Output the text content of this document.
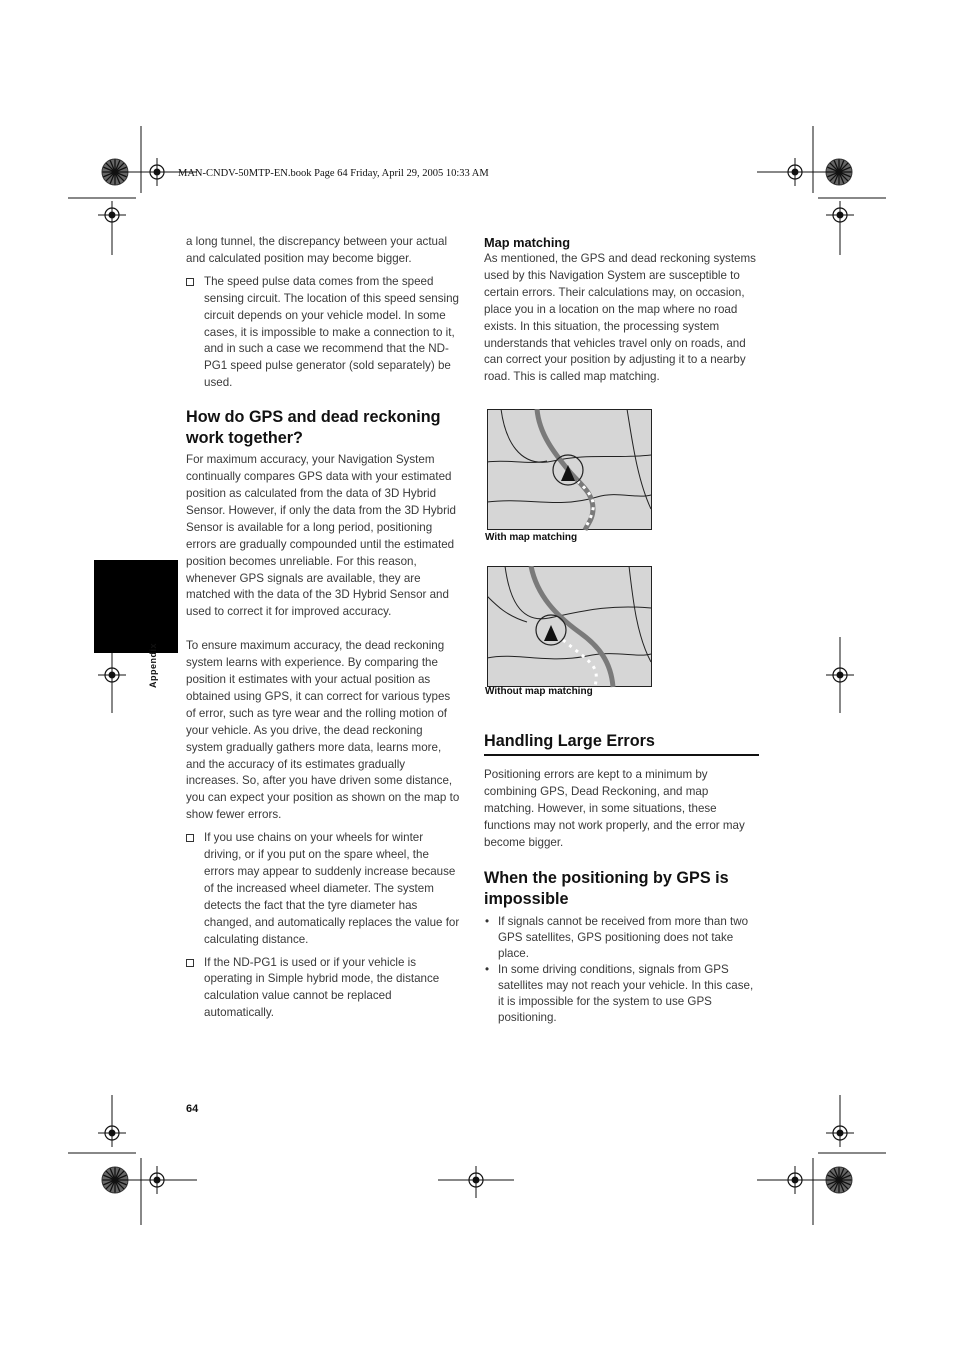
MAN-CNDV-50MTP-EN.book Page 64 Friday, April 29, 2005 10:33 AM
Appendix

a long tunnel, the discrepancy between your actual and calculated position may become bigger.

The speed pulse data comes from the speed sensing circuit. The location of this speed sensing circuit depends on your vehicle model. In some cases, it is impossible to make a connection to it, and in such a case we recommend that the ND-PG1 speed pulse generator (sold separately) be used.

How do GPS and dead reckoning work together?

For maximum accuracy, your Navigation System continually compares GPS data with your estimated position as calculated from the data of 3D Hybrid Sensor. However, if only the data from the 3D Hybrid Sensor is available for a long period, positioning errors are gradually compounded until the estimated position becomes unreliable. For this reason, whenever GPS signals are available, they are matched with the data of the 3D Hybrid Sensor and used to correct it for improved accuracy.

To ensure maximum accuracy, the dead reckoning system learns with experience. By comparing the position it estimates with your actual position as obtained using GPS, it can correct for various types of error, such as tyre wear and the rolling motion of your vehicle. As you drive, the dead reckoning system gradually gathers more data, learns more, and the accuracy of its estimates gradually increases. So, after you have driven some distance, you can expect your position as shown on the map to show fewer errors.

If you use chains on your wheels for winter driving, or if you put on the spare wheel, the errors may appear to suddenly increase because of the increased wheel diameter. The system detects the fact that the tyre diameter has changed, and automatically replaces the value for calculating distance.

If the ND-PG1 is used or if your vehicle is operating in Simple hybrid mode, the distance calculation value cannot be replaced automatically.

64
Map matching

As mentioned, the GPS and dead reckoning systems used by this Navigation System are susceptible to certain errors. Their calculations may, on occasion, place you in a location on the map where no road exists. In this situation, the processing system understands that vehicles travel only on roads, and can correct your position by adjusting it to a nearby road. This is called map matching.

With map matching
Without map matching
Handling Large Errors

Positioning errors are kept to a minimum by combining GPS, Dead Reckoning, and map matching. However, in some situations, these functions may not work properly, and the error may become bigger.

When the positioning by GPS is impossible

• If signals cannot be received from more than two GPS satellites, GPS positioning does not take place.

• In some driving conditions, signals from GPS satellites may not reach your vehicle. In this case, it is impossible for the system to use GPS positioning.
